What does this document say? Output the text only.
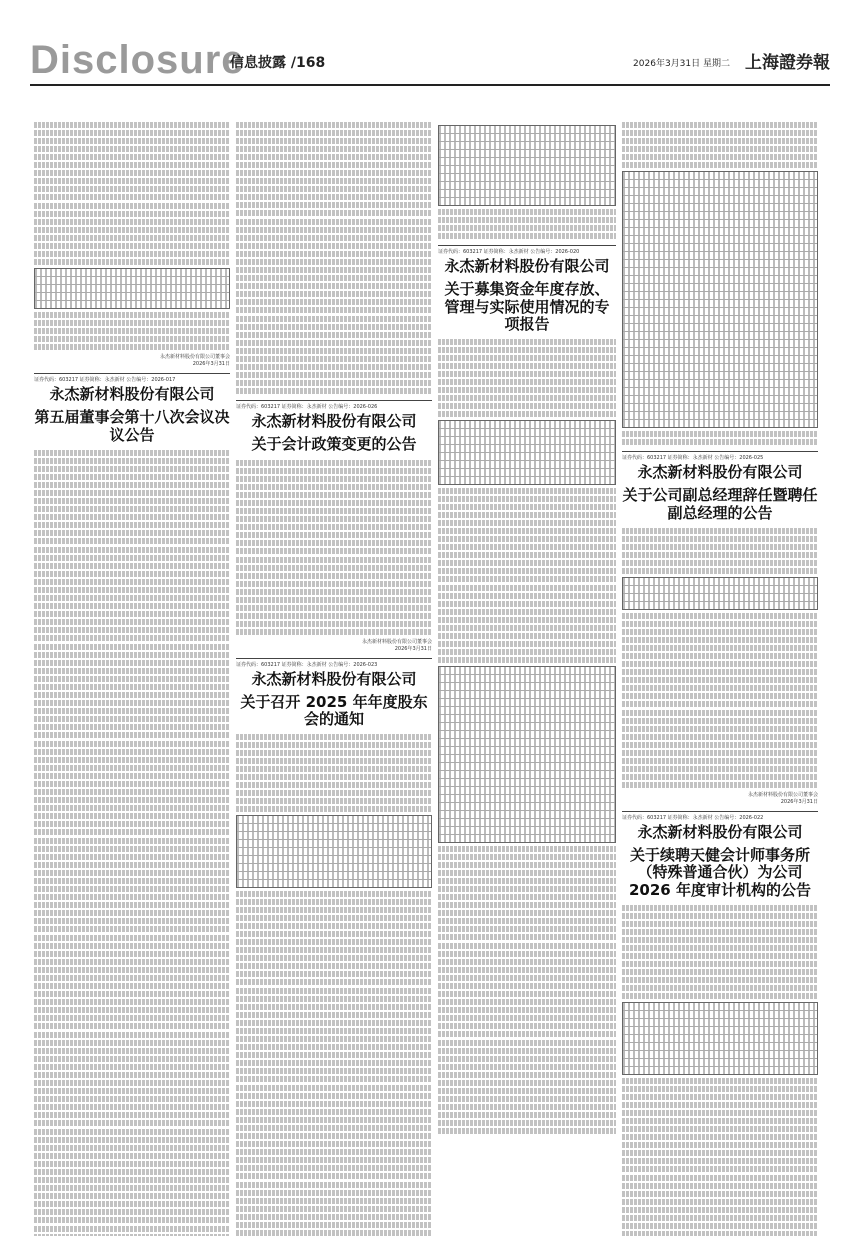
Disclosure
信息披露 /168	2026年3月31日 星期二 上海證券報
永杰新材料股份有限公司董事会
2026年3月31日
证券代码：603217 证券简称：永杰新材 公告编号：2026-017
永杰新材料股份有限公司
第五届董事会第十八次会议决议公告
证券代码：603217 证券简称：永杰新材 公告编号：2026-026
永杰新材料股份有限公司
关于会计政策变更的公告
永杰新材料股份有限公司董事会
2026年3月31日
证券代码：603217 证券简称：永杰新材 公告编号：2026-023
永杰新材料股份有限公司
关于召开 2025 年年度股东会的通知
证券代码：603217 证券简称：永杰新材 公告编号：2026-020
永杰新材料股份有限公司
关于募集资金年度存放、管理与实际使用情况的专项报告
证券代码：603217 证券简称：永杰新材 公告编号：2026-025
永杰新材料股份有限公司
关于公司副总经理辞任暨聘任副总经理的公告
永杰新材料股份有限公司董事会
2026年3月31日
证券代码：603217 证券简称：永杰新材 公告编号：2026-022
永杰新材料股份有限公司
关于续聘天健会计师事务所（特殊普通合伙）为公司 2026 年度审计机构的公告
